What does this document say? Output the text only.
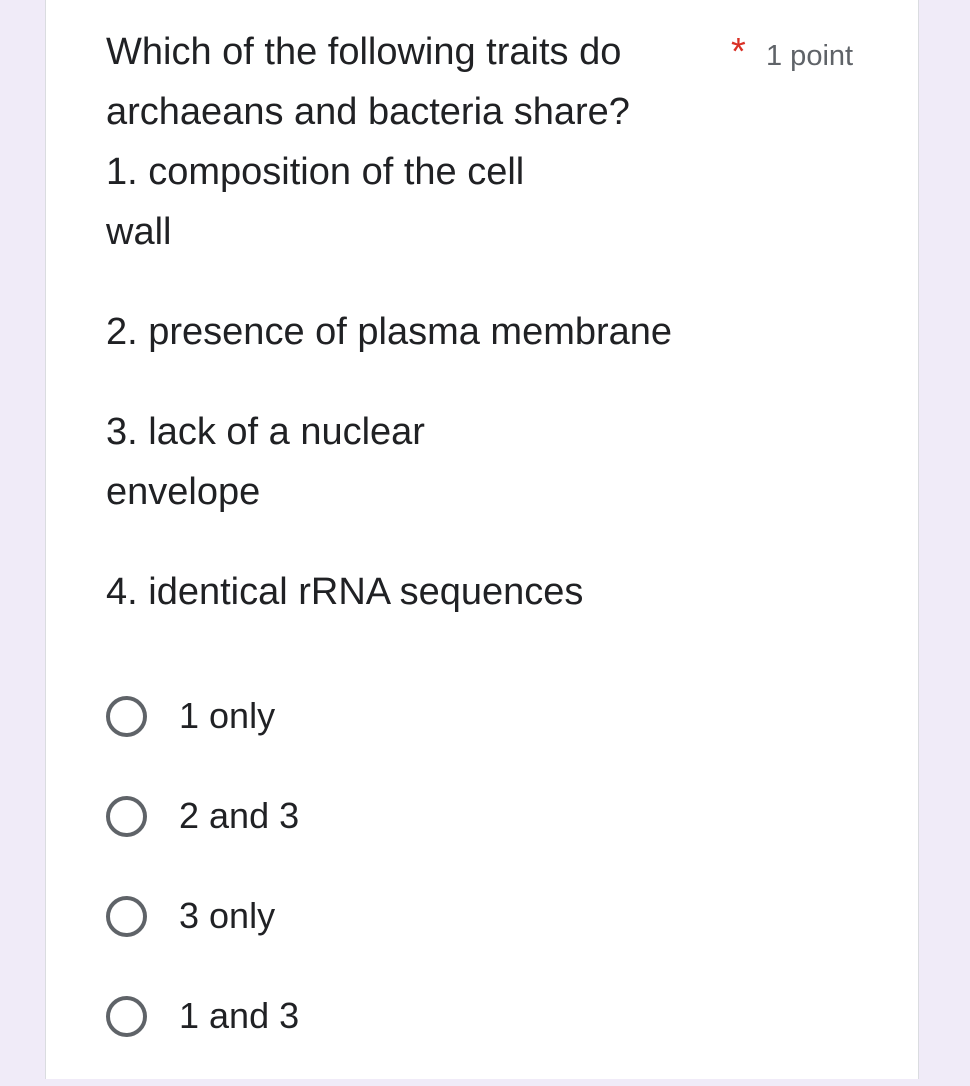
Which of the following traits do
archaeans and bacteria share?
1. composition of the cell
wall
2. presence of plasma membrane
3. lack of a nuclear
envelope
4. identical rRNA sequences
* 1 point
1 only
2 and 3
3 only
1 and 3
